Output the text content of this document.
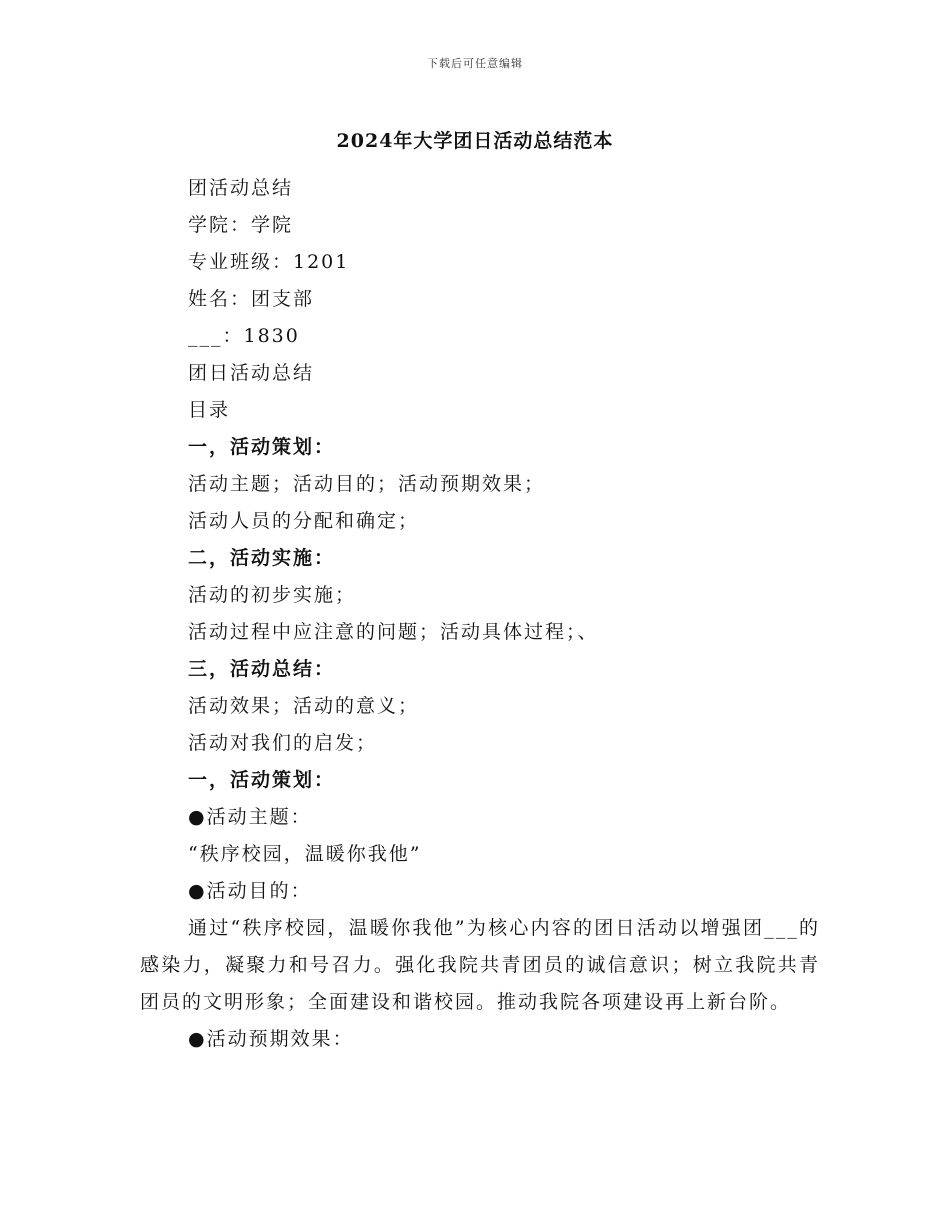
下载后可任意编辑
2024年大学团日活动总结范本
团活动总结
学院：学院
专业班级：1201
姓名：团支部
___：1830
团日活动总结
目录
一，活动策划：
活动主题；活动目的；活动预期效果；
活动人员的分配和确定；
二，活动实施：
活动的初步实施；
活动过程中应注意的问题；活动具体过程；、
三，活动总结：
活动效果；活动的意义；
活动对我们的启发；
一，活动策划：
●活动主题：
“秩序校园，温暖你我他”
●活动目的：
通过“秩序校园，温暖你我他”为核心内容的团日活动以增强团___的感染力，凝聚力和号召力。强化我院共青团员的诚信意识；树立我院共青团员的文明形象；全面建设和谐校园。推动我院各项建设再上新台阶。
●活动预期效果：
